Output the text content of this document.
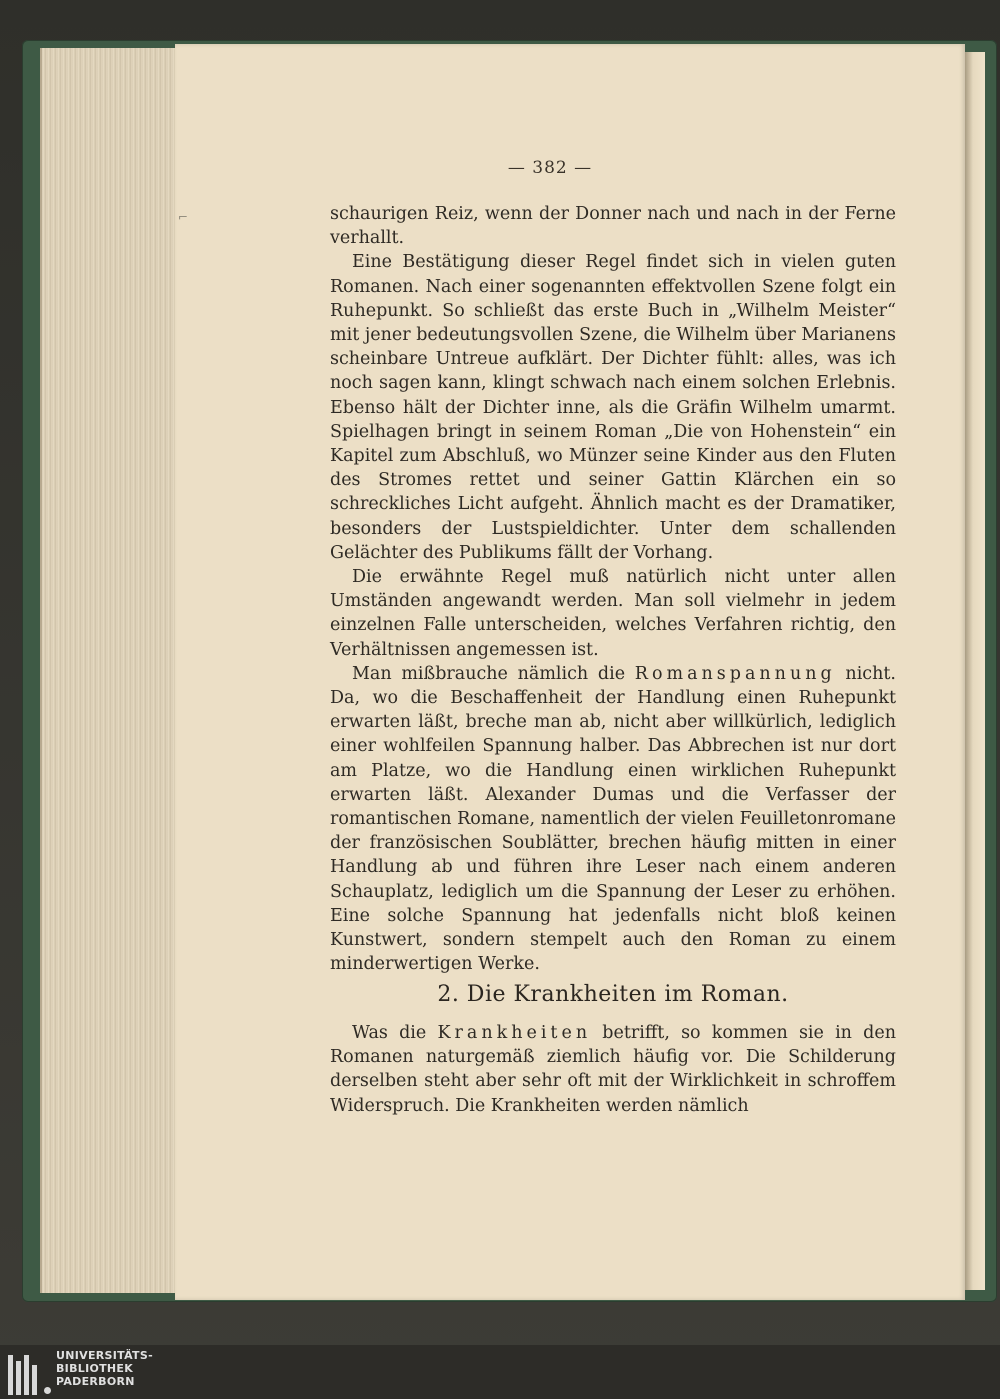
⌐
— 382 —

schaurigen Reiz, wenn der Donner nach und nach in der Ferne verhallt.

Eine Bestätigung dieser Regel findet sich in vielen guten Romanen. Nach einer sogenannten effektvollen Szene folgt ein Ruhepunkt. So schließt das erste Buch in „Wilhelm Meister“ mit jener bedeutungsvollen Szene, die Wilhelm über Marianens scheinbare Untreue aufklärt. Der Dichter fühlt: alles, was ich noch sagen kann, klingt schwach nach einem solchen Erlebnis. Ebenso hält der Dichter inne, als die Gräfin Wilhelm umarmt. Spielhagen bringt in seinem Roman „Die von Hohenstein“ ein Kapitel zum Abschluß, wo Münzer seine Kinder aus den Fluten des Stromes rettet und seiner Gattin Klärchen ein so schreckliches Licht aufgeht. Ähnlich macht es der Dramatiker, besonders der Lustspieldichter. Unter dem schallenden Gelächter des Publikums fällt der Vorhang.

Die erwähnte Regel muß natürlich nicht unter allen Umständen angewandt werden. Man soll vielmehr in jedem einzelnen Falle unterscheiden, welches Verfahren richtig, den Verhältnissen angemessen ist.

Man mißbrauche nämlich die Romanspannung nicht. Da, wo die Beschaffenheit der Handlung einen Ruhepunkt erwarten läßt, breche man ab, nicht aber willkürlich, lediglich einer wohlfeilen Spannung halber. Das Abbrechen ist nur dort am Platze, wo die Handlung einen wirklichen Ruhepunkt erwarten läßt. Alexander Dumas und die Verfasser der romantischen Romane, namentlich der vielen Feuilletonromane der französischen Soublätter, brechen häufig mitten in einer Handlung ab und führen ihre Leser nach einem anderen Schauplatz, lediglich um die Spannung der Leser zu erhöhen. Eine solche Spannung hat jedenfalls nicht bloß keinen Kunstwert, sondern stempelt auch den Roman zu einem minderwertigen Werke.

2. Die Krankheiten im Roman.

Was die Krankheiten betrifft, so kommen sie in den Romanen naturgemäß ziemlich häufig vor. Die Schilderung derselben steht aber sehr oft mit der Wirklichkeit in schroffem Widerspruch. Die Krankheiten werden nämlich

UNIVERSITÄTS-
BIBLIOTHEK
PADERBORN
